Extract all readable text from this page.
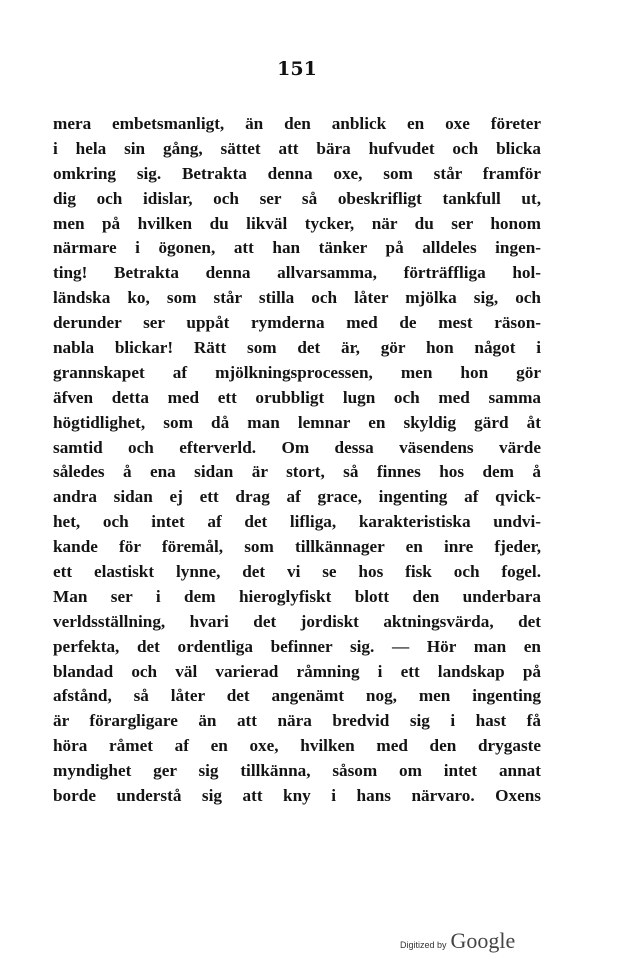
151
mera embetsmanligt, än den anblick en oxe företer
i hela sin gång, sättet att bära hufvudet och blicka
omkring sig. Betrakta denna oxe, som står framför
dig och idislar, och ser så obeskrifligt tankfull ut,
men på hvilken du likväl tycker, när du ser honom
närmare i ögonen, att han tänker på alldeles ingen-
ting! Betrakta denna allvarsamma, förträffliga hol-
ländska ko, som står stilla och låter mjölka sig, och
derunder ser uppåt rymderna med de mest räson-
nabla blickar! Rätt som det är, gör hon något i
grannskapet af mjölkningsprocessen, men hon gör
äfven detta med ett orubbligt lugn och med samma
högtidlighet, som då man lemnar en skyldig gärd åt
samtid och efterverld. Om dessa väsendens värde
således å ena sidan är stort, så finnes hos dem å
andra sidan ej ett drag af grace, ingenting af qvick-
het, och intet af det lifliga, karakteristiska undvi-
kande för föremål, som tillkännager en inre fjeder,
ett elastiskt lynne, det vi se hos fisk och fogel.
Man ser i dem hieroglyfiskt blott den underbara
verldsställning, hvari det jordiskt aktningsvärda, det
perfekta, det ordentliga befinner sig. — Hör man en
blandad och väl varierad råmning i ett landskap på
afstånd, så låter det angenämt nog, men ingenting
är förargligare än att nära bredvid sig i hast få
höra råmet af en oxe, hvilken med den drygaste
myndighet ger sig tillkänna, såsom om intet annat
borde understå sig att kny i hans närvaro. Oxens
Digitized by Google
